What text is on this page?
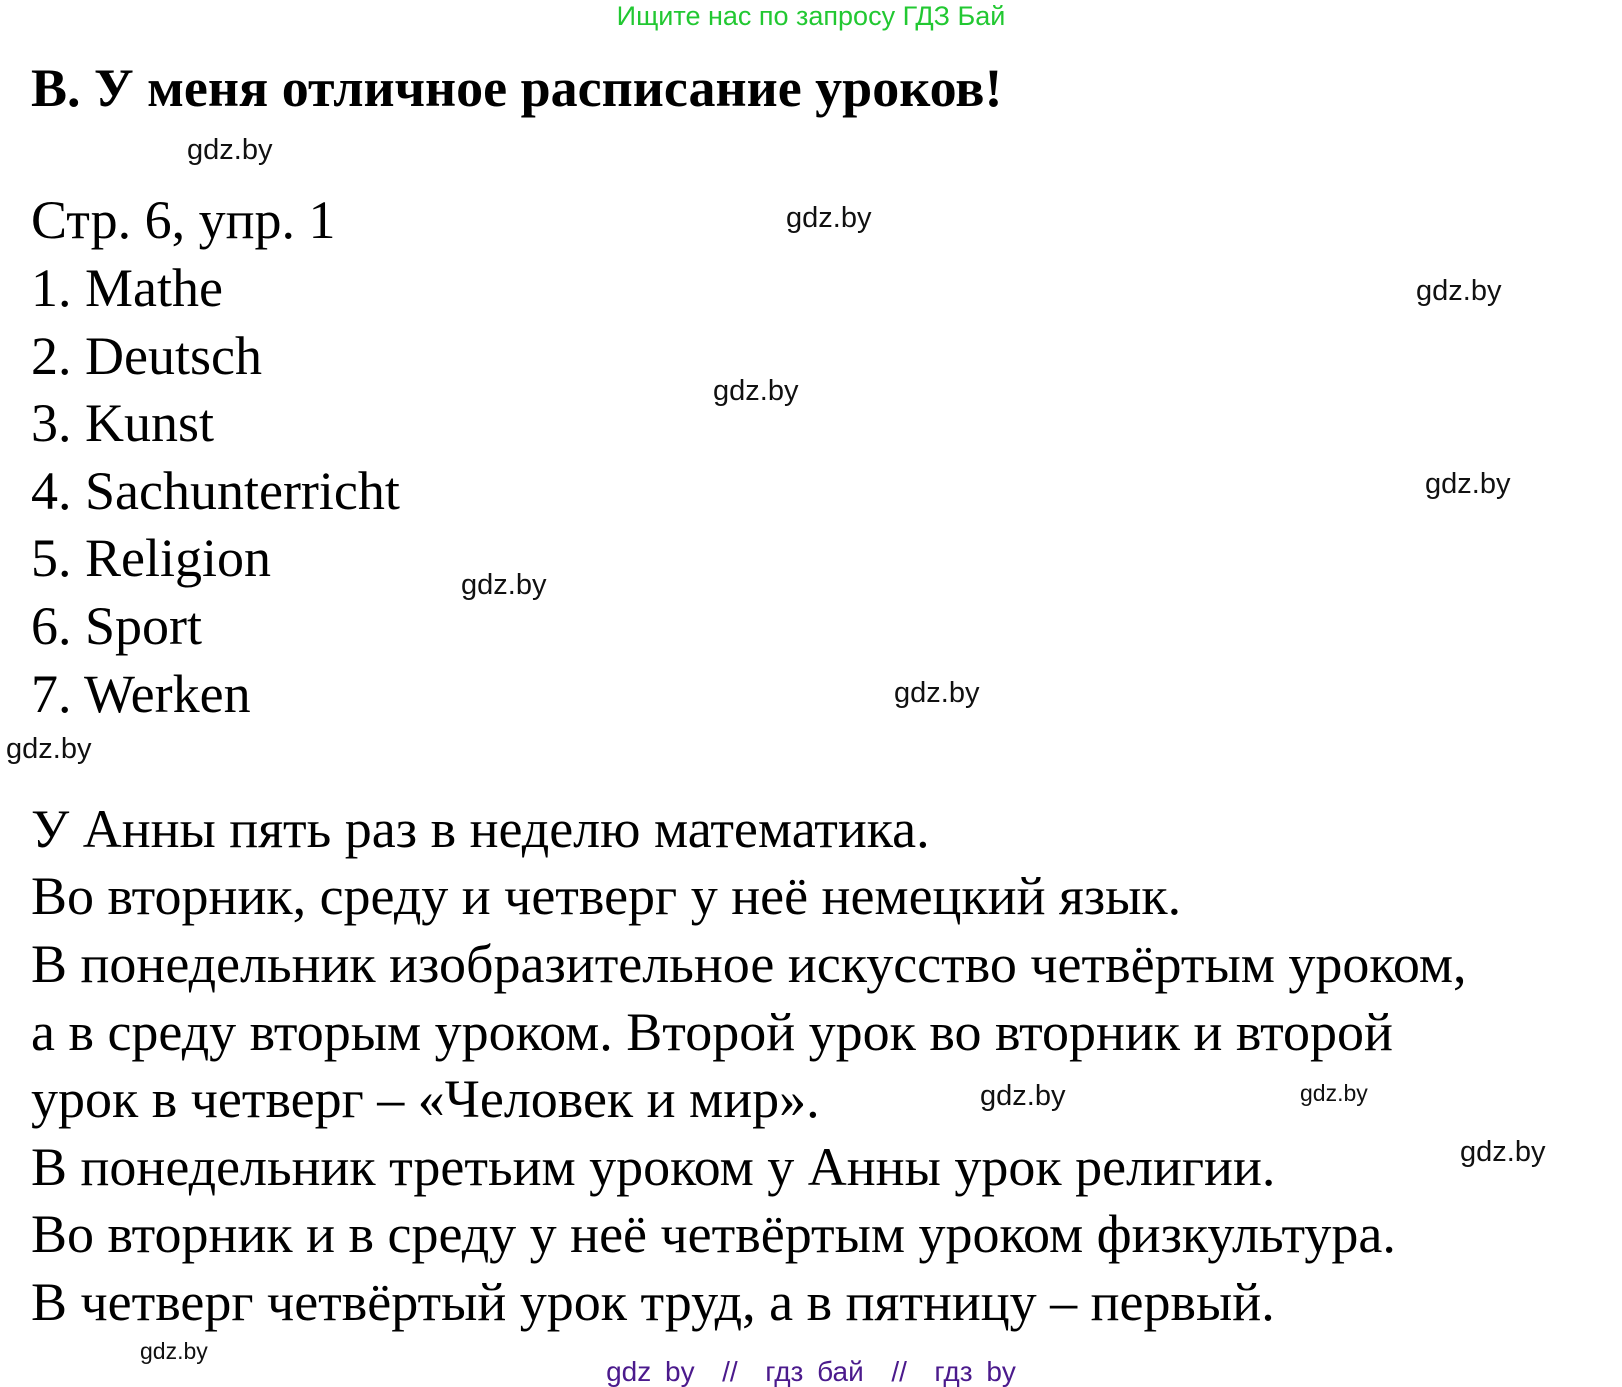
Ищите нас по запросу ГДЗ Бай
В. У меня отличное расписание уроков!
Стр. 6, упр. 1
1. Mathe
2. Deutsch
3. Kunst
4. Sachunterricht
5. Religion
6. Sport
7. Werken
У Анны пять раз в неделю математика.
Во вторник, среду и четверг у неё немецкий язык.
В понедельник изобразительное искусство четвёртым уроком,
а в среду вторым уроком. Второй урок во вторник и второй
урок в четверг – «Человек и мир».
В понедельник третьим уроком у Анны урок религии.
Во вторник и в среду у неё четвёртым уроком физкультура.
В четверг четвёртый урок труд, а в пятницу – первый.
gdz.by
gdz.by
gdz.by
gdz.by
gdz.by
gdz.by
gdz.by
gdz.by
gdz.by
gdz.by
gdz.by
gdz.by
gdz by  //  гдз бай  //  гдз by
